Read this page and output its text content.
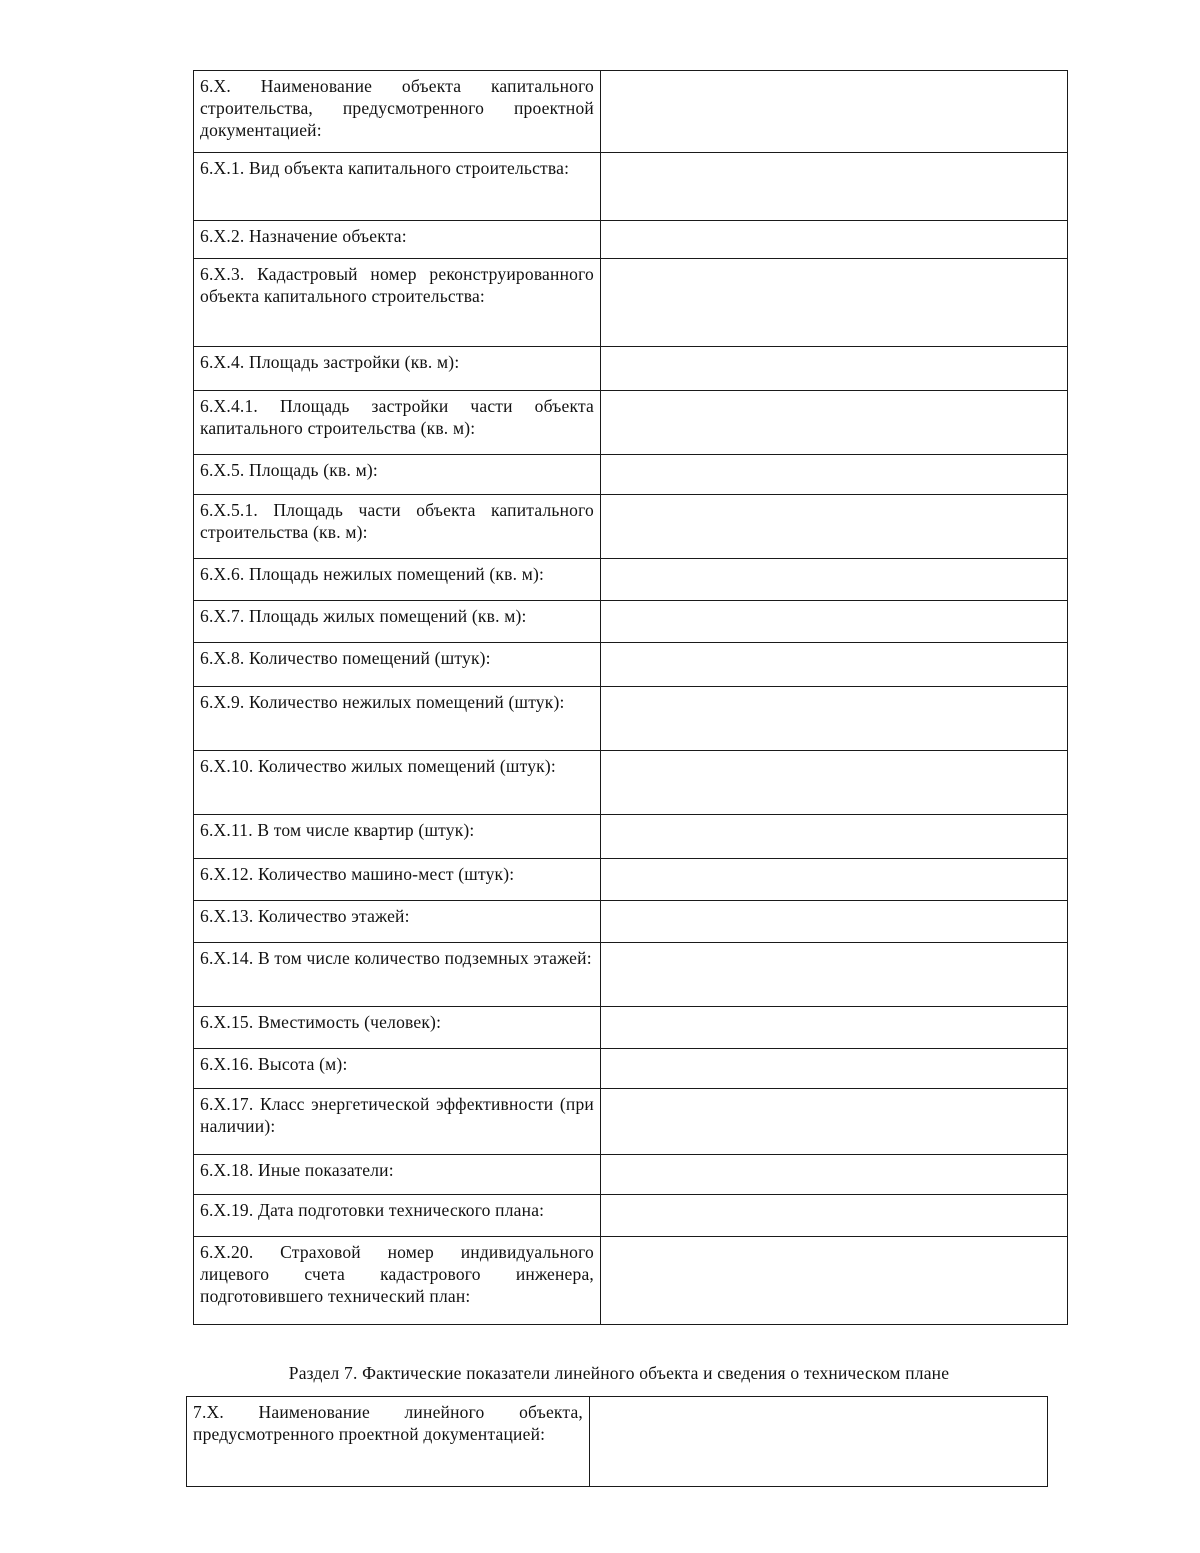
6.Х. Наименование объекта капитального строительства, предусмотренного проектной документацией:	
6.Х.1. Вид объекта капитального строительства:	
6.Х.2. Назначение объекта:	
6.Х.3. Кадастровый номер реконструированного объекта капитального строительства:	
6.Х.4. Площадь застройки (кв. м):	
6.Х.4.1. Площадь застройки части объекта капитального строительства (кв. м):	
6.Х.5. Площадь (кв. м):	
6.Х.5.1. Площадь части объекта капитального строительства (кв. м):	
6.Х.6. Площадь нежилых помещений (кв. м):	
6.Х.7. Площадь жилых помещений (кв. м):	
6.Х.8. Количество помещений (штук):	
6.Х.9. Количество нежилых помещений (штук):	
6.Х.10. Количество жилых помещений (штук):	
6.Х.11. В том числе квартир (штук):	
6.Х.12. Количество машино-мест (штук):	
6.Х.13. Количество этажей:	
6.Х.14. В том числе количество подземных этажей:	
6.Х.15. Вместимость (человек):	
6.Х.16. Высота (м):	
6.Х.17. Класс энергетической эффективности (при наличии):	
6.Х.18. Иные показатели:	
6.Х.19. Дата подготовки технического плана:	
6.Х.20. Страховой номер индивидуального лицевого счета кадастрового инженера, подготовившего технический план:	
Раздел 7. Фактические показатели линейного объекта и сведения о техническом плане
7.Х. Наименование линейного объекта, предусмотренного проектной документацией:	
